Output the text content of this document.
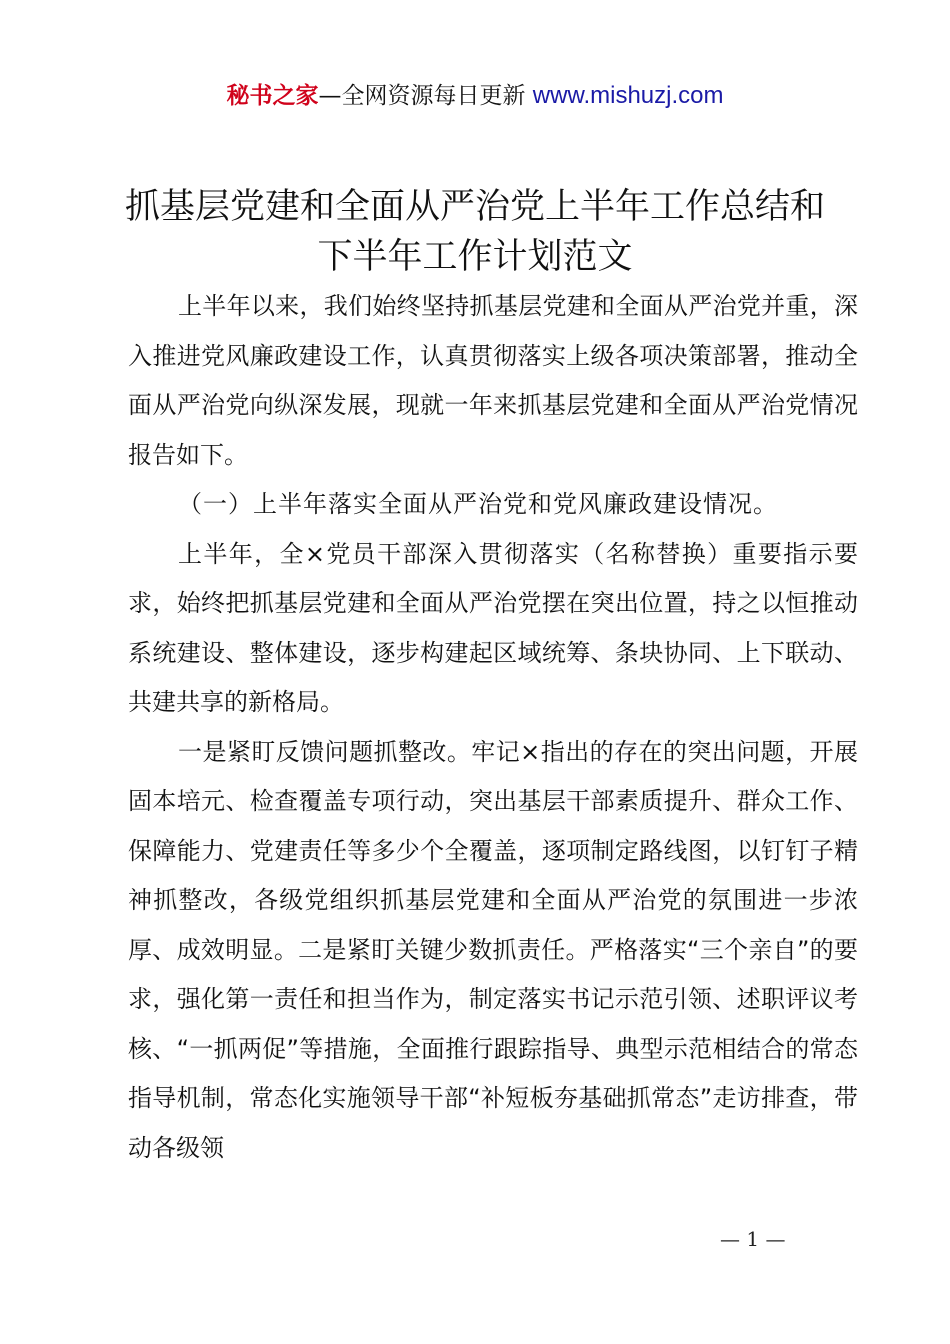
秘书之家—全网资源每日更新 www.mishuzj.com
抓基层党建和全面从严治党上半年工作总结和
下半年工作计划范文

上半年以来，我们始终坚持抓基层党建和全面从严治党并重，深入推进党风廉政建设工作，认真贯彻落实上级各项决策部署，推动全面从严治党向纵深发展，现就一年来抓基层党建和全面从严治党情况报告如下。

（一）上半年落实全面从严治党和党风廉政建设情况。

上半年，全×党员干部深入贯彻落实（名称替换）重要指示要求，始终把抓基层党建和全面从严治党摆在突出位置，持之以恒推动系统建设、整体建设，逐步构建起区域统筹、条块协同、上下联动、共建共享的新格局。

一是紧盯反馈问题抓整改。牢记×指出的存在的突出问题，开展固本培元、检查覆盖专项行动，突出基层干部素质提升、群众工作、保障能力、党建责任等多少个全覆盖，逐项制定路线图，以钉钉子精神抓整改，各级党组织抓基层党建和全面从严治党的氛围进一步浓厚、成效明显。二是紧盯关键少数抓责任。严格落实“三个亲自”的要求，强化第一责任和担当作为，制定落实书记示范引领、述职评议考核、“一抓两促”等措施，全面推行跟踪指导、典型示范相结合的常态指导机制，常态化实施领导干部“补短板夯基础抓常态”走访排查，带动各级领

— 1 —
